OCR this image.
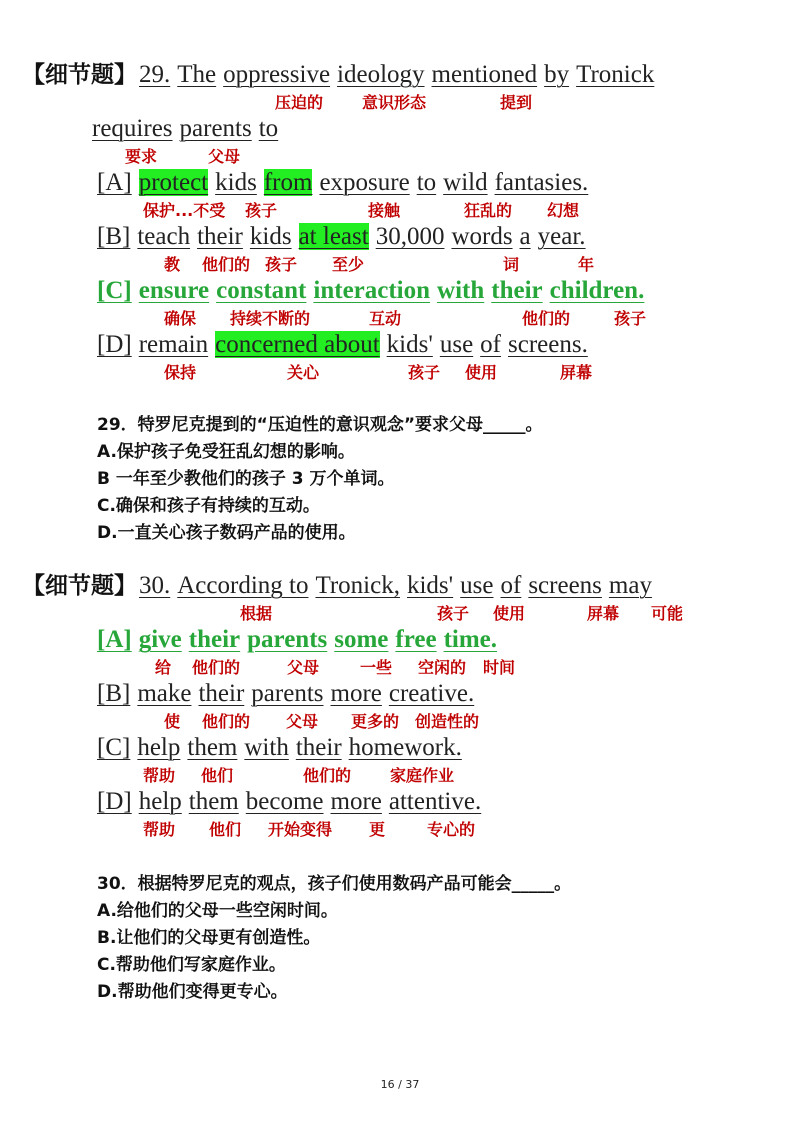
【细节题】29. The oppressive ideology mentioned by Tronick
压迫的 意识形态	提到
requires parents to
要求	父母
[A] protect kids from exposure to wild fantasies.
保护...不受 孩子	接触	狂乱的 幻想
[B] teach their kids at least 30,000 words a year.
教 他们的 孩子 至少	词	年
[C] ensure constant interaction with their children.
确保 持续不断的	互动	他们的	孩子
[D] remain concerned about kids' use of screens.
保持	关心	孩子 使用	屏幕
29．特罗尼克提到的“压迫性的意识观念”要求父母_____。
A.保护孩子免受狂乱幻想的影响。
B 一年至少教他们的孩子 3 万个单词。
C.确保和孩子有持续的互动。
D.一直关心孩子数码产品的使用。
【细节题】30. According to Tronick, kids' use of screens may
根据	孩子 使用	屏幕 可能
[A] give their parents some free time.
给 他们的	父母	一些 空闲的 时间
[B] make their parents more creative.
使 他们的 父母 更多的 创造性的
[C] help them with their homework.
帮助 他们	他们的 家庭作业
[D] help them become more attentive.
帮助 他们 开始变得 更	专心的
30．根据特罗尼克的观点，孩子们使用数码产品可能会_____。
A.给他们的父母一些空闲时间。
B.让他们的父母更有创造性。
C.帮助他们写家庭作业。
D.帮助他们变得更专心。
16 / 37
